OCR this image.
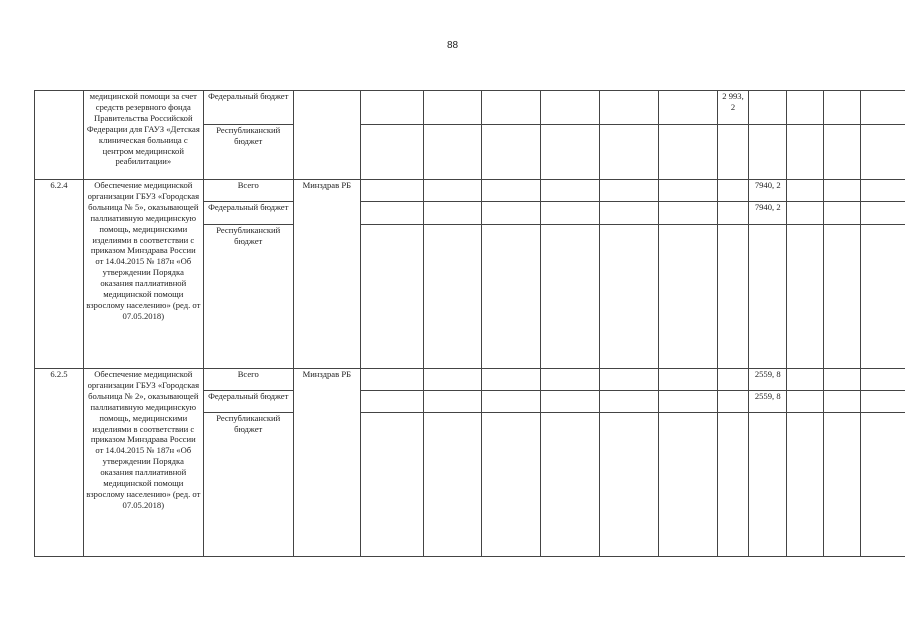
88
	медицинской помощи за счет средств резервного фонда Правительства Российской Федерации для ГАУЗ «Детская клиническая больница с центром медицинской реабилитации»	Федеральный бюджет								2 993, 2				

		Республиканский бюджет												
6.2.4	Обеспечение медицинской организации ГБУЗ «Городская больница № 5», оказывающей паллиативную медицинскую помощь, медицинскими изделиями в соответствии с приказом Минздрава России от 14.04.2015 № 187н «Об утверждении Порядка оказания паллиативной медицинской помощи взрослому населению» (ред. от 07.05.2018)	Всего	Минздрав РБ								7940, 2			
		Федеральный бюджет									7940, 2			
		Республиканский бюджет												
6.2.5	Обеспечение медицинской организации ГБУЗ «Городская больница № 2», оказывающей паллиативную медицинскую помощь, медицинскими изделиями в соответствии с приказом Минздрава России от 14.04.2015 № 187н «Об утверждении Порядка оказания паллиативной медицинской помощи взрослому населению» (ред. от 07.05.2018)	Всего	Минздрав РБ								2559, 8			
		Федеральный бюджет									2559, 8			
		Республиканский бюджет												
